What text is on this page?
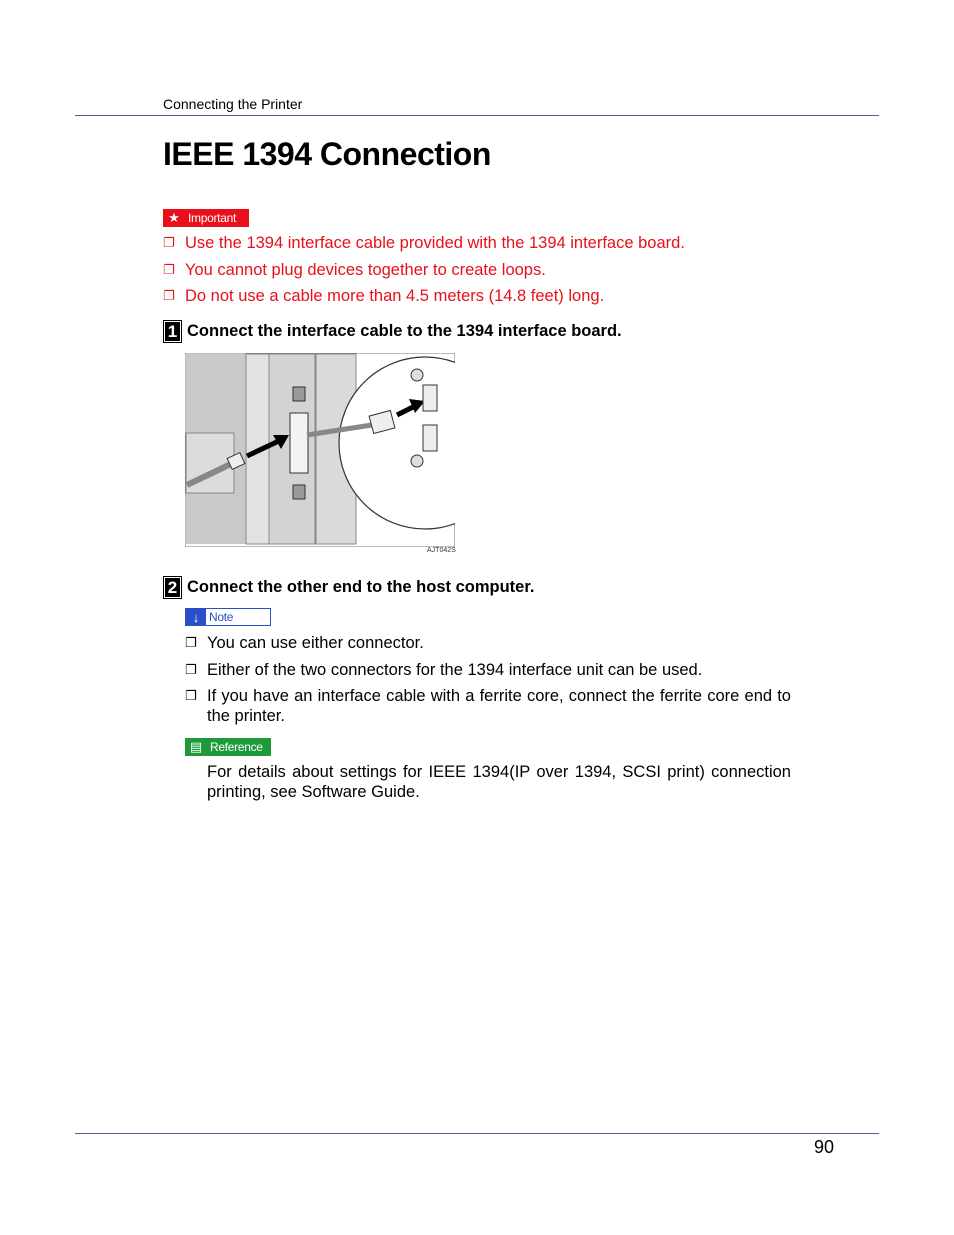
Connecting the Printer
IEEE 1394 Connection
★ Important
❐ Use the 1394 interface cable provided with the 1394 interface board.
❐ You cannot plug devices together to create loops.
❐ Do not use a cable more than 4.5 meters (14.8 feet) long.
1 Connect the interface cable to the 1394 interface board.
AJT042S
2 Connect the other end to the host computer.
↓ Note
❐ You can use either connector.
❐ Either of the two connectors for the 1394 interface unit can be used.
❐ If you have an interface cable with a ferrite core, connect the ferrite core end to the printer.
▤ Reference
For details about settings for IEEE 1394(IP over 1394, SCSI print) connection printing, see Software Guide.
90
